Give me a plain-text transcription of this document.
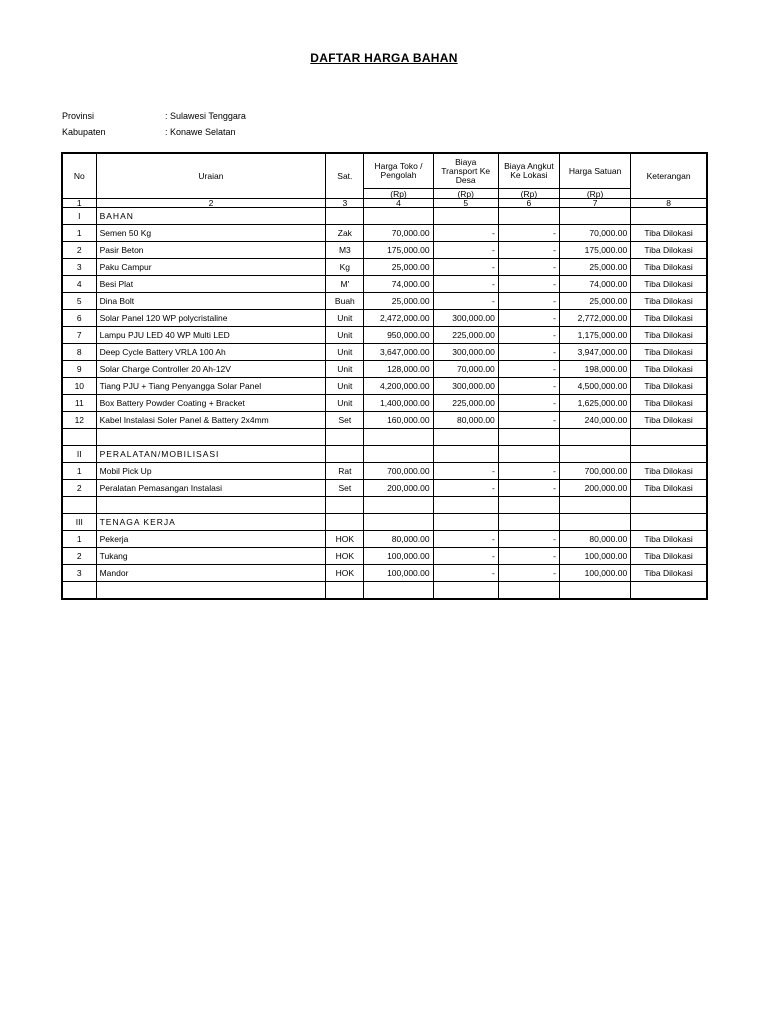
DAFTAR HARGA BAHAN
Provinsi	: Sulawesi Tenggara
Kabupaten	: Konawe Selatan
No	Uraian	Sat.	Harga Toko / Pengolah	Biaya Transport Ke Desa	Biaya Angkut Ke Lokasi	Harga Satuan	Keterangan
			(Rp)	(Rp)	(Rp)	(Rp)	
1	2	3	4	5	6	7	8
I	BAHAN						
1	Semen 50 Kg	Zak	70,000.00	-	-	70,000.00	Tiba Dilokasi
2	Pasir Beton	M3	175,000.00	-	-	175,000.00	Tiba Dilokasi
3	Paku Campur	Kg	25,000.00	-	-	25,000.00	Tiba Dilokasi
4	Besi Plat	M'	74,000.00	-	-	74,000.00	Tiba Dilokasi
5	Dina Bolt	Buah	25,000.00	-	-	25,000.00	Tiba Dilokasi
6	Solar Panel 120 WP polycristaline	Unit	2,472,000.00	300,000.00	-	2,772,000.00	Tiba Dilokasi
7	Lampu PJU LED 40 WP Multi LED	Unit	950,000.00	225,000.00	-	1,175,000.00	Tiba Dilokasi
8	Deep Cycle Battery VRLA 100 Ah	Unit	3,647,000.00	300,000.00	-	3,947,000.00	Tiba Dilokasi
9	Solar Charge Controller 20 Ah-12V	Unit	128,000.00	70,000.00	-	198,000.00	Tiba Dilokasi
10	Tiang PJU + Tiang Penyangga Solar Panel	Unit	4,200,000.00	300,000.00	-	4,500,000.00	Tiba Dilokasi
11	Box Battery Powder Coating + Bracket	Unit	1,400,000.00	225,000.00	-	1,625,000.00	Tiba Dilokasi
12	Kabel Instalasi Soler Panel & Battery 2x4mm	Set	160,000.00	80,000.00	-	240,000.00	Tiba Dilokasi

II	PERALATAN/MOBILISASI						
1	Mobil Pick Up	Rat	700,000.00	-	-	700,000.00	Tiba Dilokasi
2	Peralatan Pemasangan Instalasi	Set	200,000.00	-	-	200,000.00	Tiba Dilokasi

III	TENAGA KERJA						
1	Pekerja	HOK	80,000.00	-	-	80,000.00	Tiba Dilokasi
2	Tukang	HOK	100,000.00	-	-	100,000.00	Tiba Dilokasi
3	Mandor	HOK	100,000.00	-	-	100,000.00	Tiba Dilokasi
